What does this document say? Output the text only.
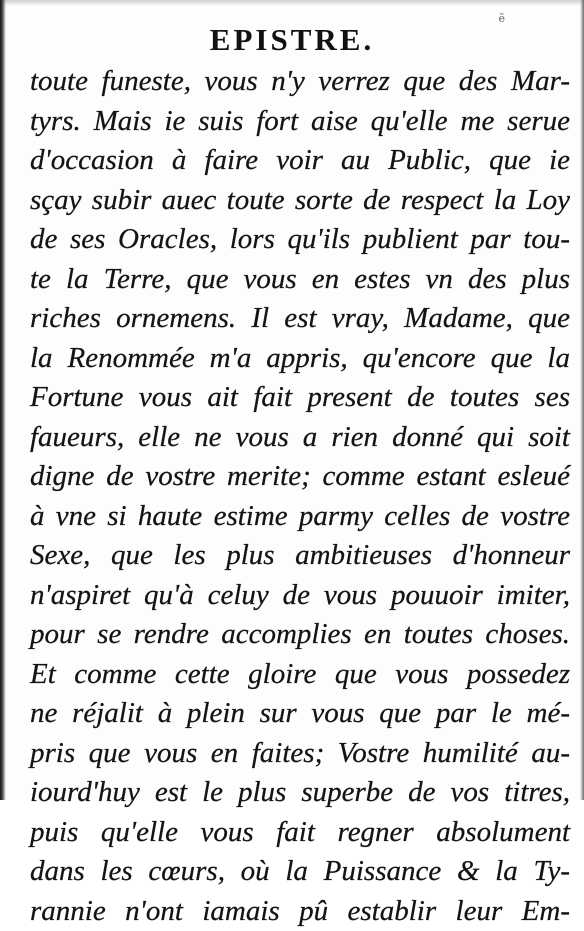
ẽ
EPISTRE.
toute funeste, vous n'y verrez que des Mar-
tyrs. Mais ie suis fort aise qu'elle me serue
d'occasion à faire voir au Public, que ie
sçay subir auec toute sorte de respect la Loy
de ses Oracles, lors qu'ils publient par tou-
te la Terre, que vous en estes vn des plus
riches ornemens. Il est vray, Madame, que
la Renommée m'a appris, qu'encore que la
Fortune vous ait fait present de toutes ses
faueurs, elle ne vous a rien donné qui soit
digne de vostre merite; comme estant esleué
à vne si haute estime parmy celles de vostre
Sexe, que les plus ambitieuses d'honneur
n'aspiret qu'à celuy de vous pouuoir imiter,
pour se rendre accomplies en toutes choses.
Et comme cette gloire que vous possedez
ne réjalit à plein sur vous que par le mé-
pris que vous en faites; Vostre humilité au-
iourd'huy est le plus superbe de vos titres,
puis qu'elle vous fait regner absolument
dans les cœurs, où la Puissance & la Ty-
rannie n'ont iamais pû establir leur Em-
